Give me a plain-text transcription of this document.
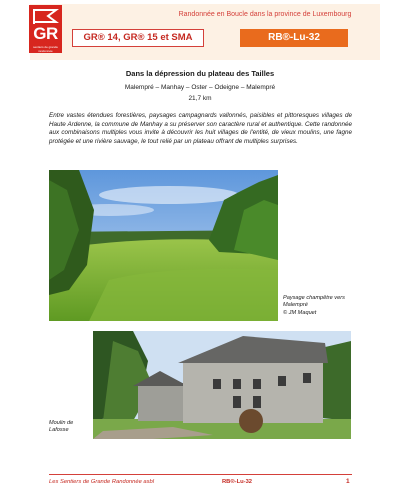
GR
sentiers de grande randonnée
Randonnée en Boucle dans la province de Luxembourg
GR® 14, GR® 15 et SMA	RB®-Lu-32
Dans la dépression du plateau des Tailles
Malempré – Manhay – Oster – Odeigne – Malempré
21,7 km
Entre vastes étendues forestières, paysages campagnards vallonnés, paisibles et pittoresques villages de Haute Ardenne, la commune de Manhay a su préserver son caractère rural et authentique. Cette randonnée aux combinaisons multiples vous invite à découvrir les huit villages de l'entité, de vieux moulins, une fagne protégée et une rivière sauvage, le tout relié par un plateau offrant de multiples surprises.
Paysage champêtre vers
Malempré
© JM Maquet
Moulin de
Lafosse
Les Sentiers de Grande Randonnée asbl	RB®-Lu-32	1
